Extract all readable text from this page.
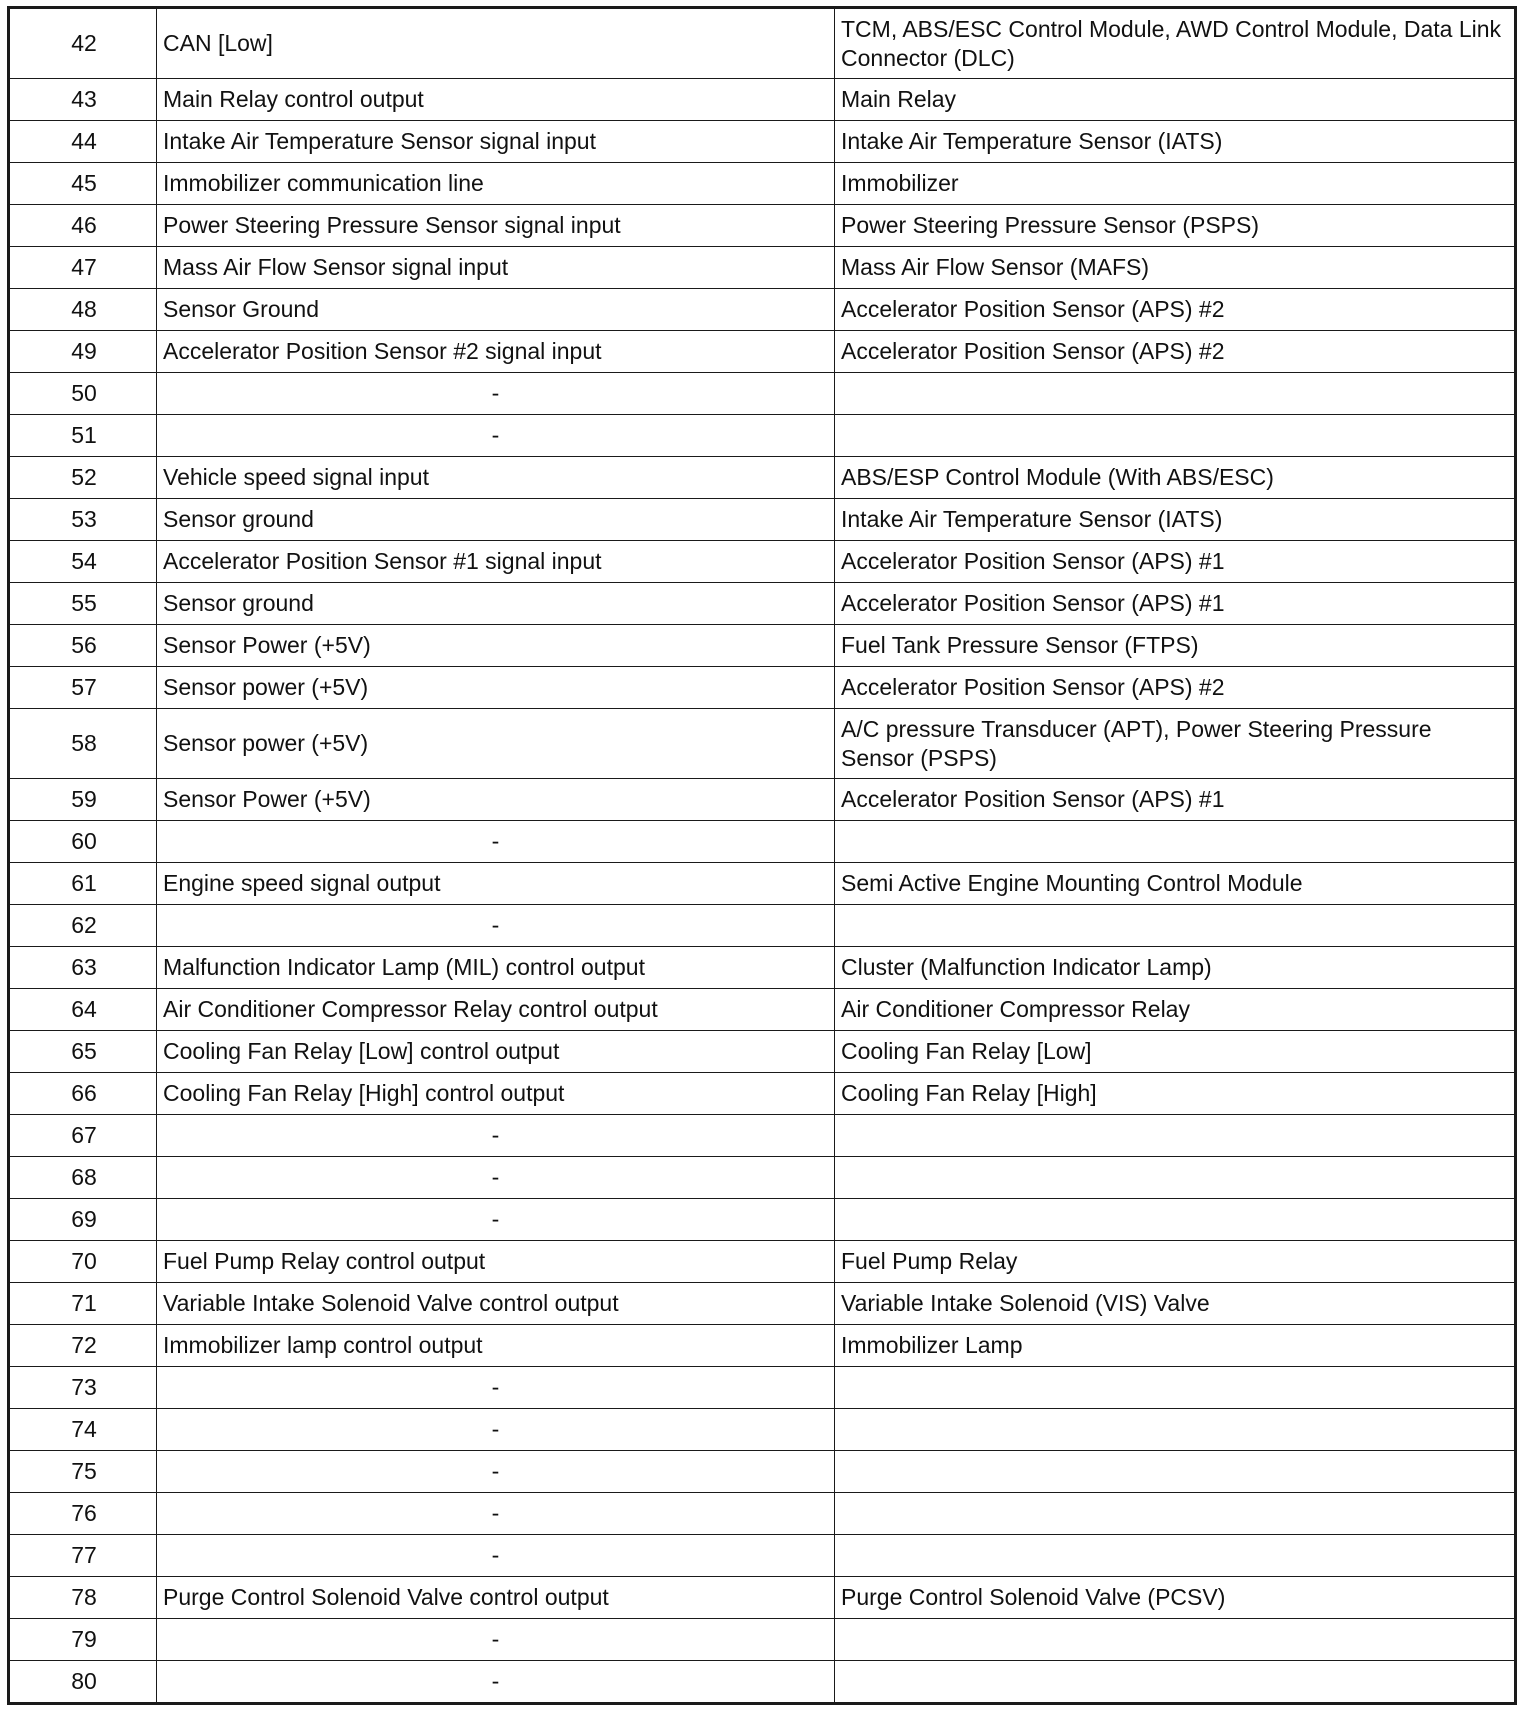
42	CAN [Low]	TCM, ABS/ESC Control Module, AWD Control Module, Data Link Connector (DLC)
43	Main Relay control output	Main Relay
44	Intake Air Temperature Sensor signal input	Intake Air Temperature Sensor (IATS)
45	Immobilizer communication line	Immobilizer
46	Power Steering Pressure Sensor signal input	Power Steering Pressure Sensor (PSPS)
47	Mass Air Flow Sensor signal input	Mass Air Flow Sensor (MAFS)
48	Sensor Ground	Accelerator Position Sensor (APS) #2
49	Accelerator Position Sensor #2 signal input	Accelerator Position Sensor (APS) #2
50	-	
51	-	
52	Vehicle speed signal input	ABS/ESP Control Module (With ABS/ESC)
53	Sensor ground	Intake Air Temperature Sensor (IATS)
54	Accelerator Position Sensor #1 signal input	Accelerator Position Sensor (APS) #1
55	Sensor ground	Accelerator Position Sensor (APS) #1
56	Sensor Power (+5V)	Fuel Tank Pressure Sensor (FTPS)
57	Sensor power (+5V)	Accelerator Position Sensor (APS) #2
58	Sensor power (+5V)	A/C pressure Transducer (APT), Power Steering Pressure Sensor (PSPS)
59	Sensor Power (+5V)	Accelerator Position Sensor (APS) #1
60	-	
61	Engine speed signal output	Semi Active Engine Mounting Control Module
62	-	
63	Malfunction Indicator Lamp (MIL) control output	Cluster (Malfunction Indicator Lamp)
64	Air Conditioner Compressor Relay control output	Air Conditioner Compressor Relay
65	Cooling Fan Relay [Low] control output	Cooling Fan Relay [Low]
66	Cooling Fan Relay [High] control output	Cooling Fan Relay [High]
67	-	
68	-	
69	-	
70	Fuel Pump Relay control output	Fuel Pump Relay
71	Variable Intake Solenoid Valve control output	Variable Intake Solenoid (VIS) Valve
72	Immobilizer lamp control output	Immobilizer Lamp
73	-	
74	-	
75	-	
76	-	
77	-	
78	Purge Control Solenoid Valve control output	Purge Control Solenoid Valve (PCSV)
79	-	
80	-	
